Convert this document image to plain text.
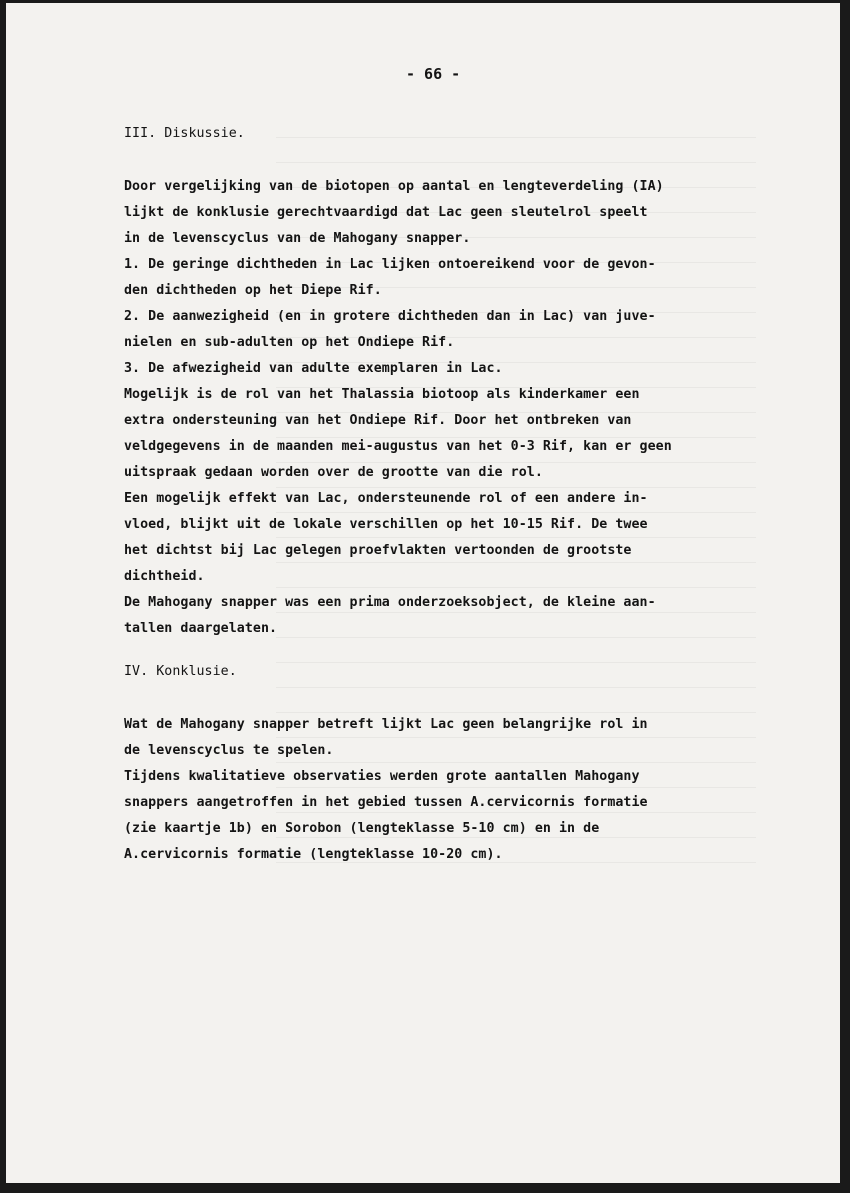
- 66 -
III. Diskussie.
Door vergelijking van de biotopen op aantal en lengteverdeling (IA)
lijkt de konklusie gerechtvaardigd dat Lac geen sleutelrol speelt
in de levenscyclus van de Mahogany snapper.
1. De geringe dichtheden in Lac lijken ontoereikend voor de gevon-
den dichtheden op het Diepe Rif.
2. De aanwezigheid (en in grotere dichtheden dan in Lac) van juve-
nielen en sub-adulten op het Ondiepe Rif.
3. De afwezigheid van adulte exemplaren in Lac.
Mogelijk is de rol van het Thalassia biotoop als kinderkamer een
extra ondersteuning van het Ondiepe Rif. Door het ontbreken van
veldgegevens in de maanden mei-augustus van het 0-3 Rif, kan er geen
uitspraak gedaan worden over de grootte van die rol.
Een mogelijk effekt van Lac, ondersteunende rol of een andere in-
vloed, blijkt uit de lokale verschillen op het 10-15 Rif. De twee
het dichtst bij Lac gelegen proefvlakten vertoonden de grootste
dichtheid.
De Mahogany snapper was een prima onderzoeksobject, de kleine aan-
tallen daargelaten.
IV. Konklusie.
Wat de Mahogany snapper betreft lijkt Lac geen belangrijke rol in
de levenscyclus te spelen.
Tijdens kwalitatieve observaties werden grote aantallen Mahogany
snappers aangetroffen in het gebied tussen A.cervicornis formatie
(zie kaartje 1b) en Sorobon (lengteklasse 5-10 cm) en in de
A.cervicornis formatie (lengteklasse 10-20 cm).
